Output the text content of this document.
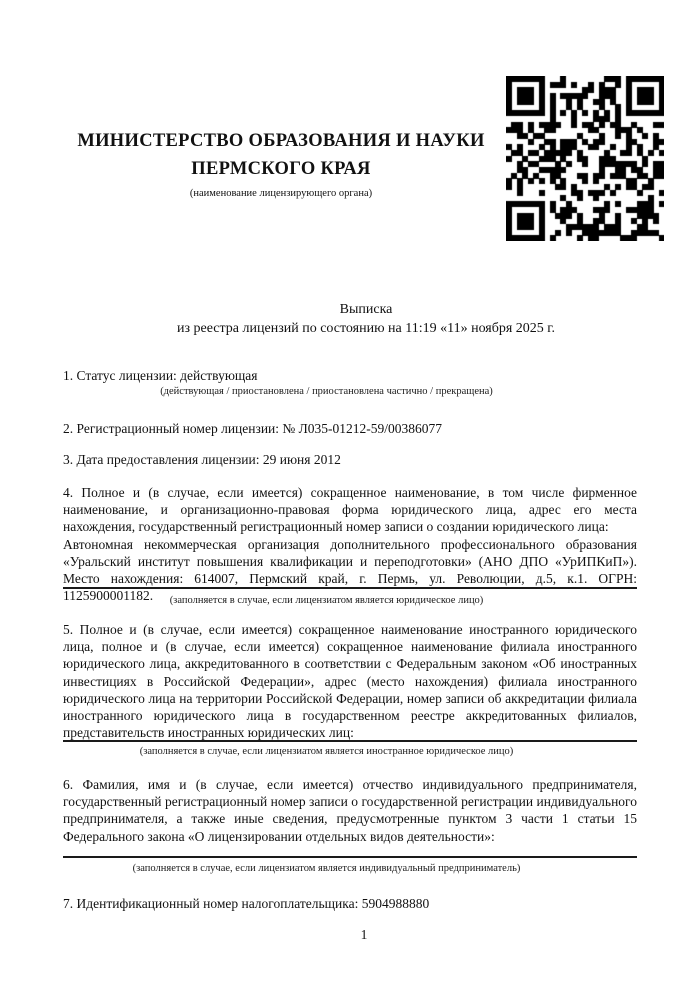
МИНИСТЕРСТВО ОБРАЗОВАНИЯ И НАУКИ
ПЕРМСКОГО КРАЯ
(наименование лицензирующего органа)
Выписка
из реестра лицензий по состоянию на 11:19 «11» ноября 2025 г.
1. Статус лицензии: действующая
(действующая / приостановлена / приостановлена частично / прекращена)
2. Регистрационный номер лицензии: № Л035-01212-59/00386077
3. Дата предоставления лицензии: 29 июня 2012

4. Полное и (в случае, если имеется) сокращенное наименование, в том числе фирменное наименование, и организационно-правовая форма юридического лица, адрес его места нахождения, государственный регистрационный номер записи о создании юридического лица:

Автономная некоммерческая организация дополнительного профессионального образования «Уральский институт повышения квалификации и переподготовки» (АНО ДПО «УрИПКиП»). Место нахождения: 614007, Пермский край, г. Пермь, ул. Революции, д.5, к.1. ОГРН: 1125900001182.	(заполняется в случае, если лицензиатом является юридическое лицо)
5. Полное и (в случае, если имеется) сокращенное наименование иностранного юридического лица, полное и (в случае, если имеется) сокращенное наименование филиала иностранного юридического лица, аккредитованного в соответствии с Федеральным законом «Об иностранных инвестициях в Российской Федерации», адрес (место нахождения) филиала иностранного юридического лица на территории Российской Федерации, номер записи об аккредитации филиала иностранного юридического лица в государственном реестре аккредитованных филиалов, представительств иностранных юридических лиц:
(заполняется в случае, если лицензиатом является иностранное юридическое лицо)
6. Фамилия, имя и (в случае, если имеется) отчество индивидуального предпринимателя, государственный регистрационный номер записи о государственной регистрации индивидуального предпринимателя, а также иные сведения, предусмотренные пунктом 3 части 1 статьи 15 Федерального закона «О лицензировании отдельных видов деятельности»:
(заполняется в случае, если лицензиатом является индивидуальный предприниматель)
7. Идентификационный номер налогоплательщика: 5904988880
1
